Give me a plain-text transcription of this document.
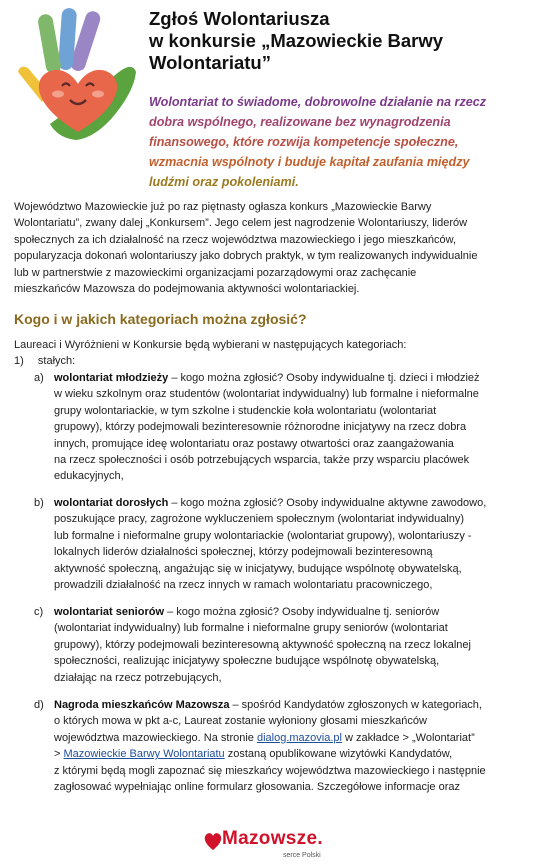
Zgłoś Wolontariusza
w konkursie „Mazowieckie Barwy
Wolontariatu”
Wolontariat to świadome, dobrowolne działanie na rzecz
dobra wspólnego, realizowane bez wynagrodzenia
finansowego, które rozwija kompetencje społeczne,
wzmacnia wspólnoty i buduje kapitał zaufania między
ludźmi oraz pokoleniami.
Województwo Mazowieckie już po raz piętnasty ogłasza konkurs „Mazowieckie Barwy
Wolontariatu”, zwany dalej „Konkursem”. Jego celem jest nagrodzenie Wolontariuszy, liderów
społecznych za ich działalność na rzecz województwa mazowieckiego i jego mieszkańców,
popularyzacja dokonań wolontariuszy jako dobrych praktyk, w tym realizowanych indywidualnie
lub w partnerstwie z mazowieckimi organizacjami pozarządowymi oraz zachęcanie
mieszkańców Mazowsza do podejmowania aktywności wolontariackiej.
Kogo i w jakich kategoriach można zgłosić?
Laureaci i Wyróżnieni w Konkursie będą wybierani w następujących kategoriach:
1) stałych:
a) wolontariat młodzieży – kogo można zgłosić? Osoby indywidualne tj. dzieci i młodzież
w wieku szkolnym oraz studentów (wolontariat indywidualny) lub formalne i nieformalne
grupy wolontariackie, w tym szkolne i studenckie koła wolontariatu (wolontariat
grupowy), którzy podejmowali bezinteresownie różnorodne inicjatywy na rzecz dobra
innych, promujące ideę wolontariatu oraz postawy otwartości oraz zaangażowania
na rzecz społeczności i osób potrzebujących wsparcia, także przy wsparciu placówek
edukacyjnych,
b) wolontariat dorosłych – kogo można zgłosić? Osoby indywidualne aktywne zawodowo,
poszukujące pracy, zagrożone wykluczeniem społecznym (wolontariat indywidualny)
lub formalne i nieformalne grupy wolontariackie (wolontariat grupowy), wolontariuszy -
lokalnych liderów działalności społecznej, którzy podejmowali bezinteresowną
aktywność społeczną, angażując się w inicjatywy, budujące wspólnotę obywatelską,
prowadzili działalność na rzecz innych w ramach wolontariatu pracowniczego,
c) wolontariat seniorów – kogo można zgłosić? Osoby indywidualne tj. seniorów
(wolontariat indywidualny) lub formalne i nieformalne grupy seniorów (wolontariat
grupowy), którzy podejmowali bezinteresowną aktywność społeczną na rzecz lokalnej
społeczności, realizując inicjatywy społeczne budujące wspólnotę obywatelską,
działając na rzecz potrzebujących,
d) Nagroda mieszkańców Mazowsza – spośród Kandydatów zgłoszonych w kategoriach,
o których mowa w pkt a-c, Laureat zostanie wyłoniony głosami mieszkańców
województwa mazowieckiego. Na stronie dialog.mazovia.pl w zakładce > „Wolontariat”
> Mazowieckie Barwy Wolontariatu zostaną opublikowane wizytówki Kandydatów,
z którymi będą mogli zapoznać się mieszkańcy województwa mazowieckiego i następnie
zagłosować wypełniając online formularz głosowania. Szczegółowe informacje oraz
Mazowsze.
serce Polski
